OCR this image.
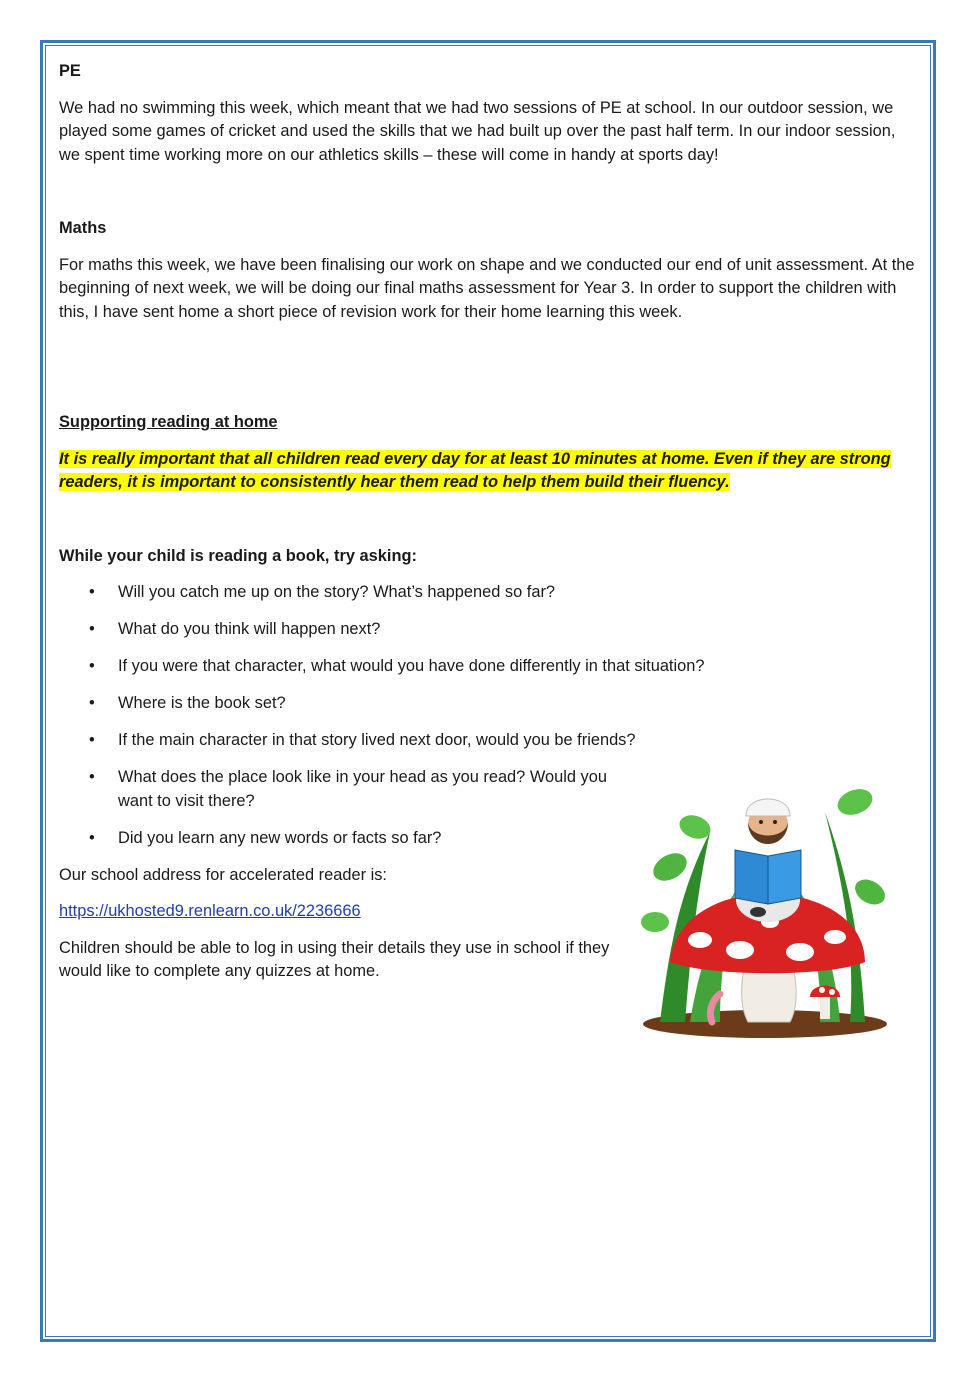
PE

We had no swimming this week, which meant that we had two sessions of PE at school. In our outdoor session, we played some games of cricket and used the skills that we had built up over the past half term. In our indoor session, we spent time working more on our athletics skills – these will come in handy at sports day!

Maths

For maths this week, we have been finalising our work on shape and we conducted our end of unit assessment. At the beginning of next week, we will be doing our final maths assessment for Year 3. In order to support the children with this, I have sent home a short piece of revision work for their home learning this week.

Supporting reading at home

It is really important that all children read every day for at least 10 minutes at home. Even if they are strong readers, it is important to consistently hear them read to help them build their fluency.

While your child is reading a book, try asking:
• Will you catch me up on the story? What’s happened so far?
• What do you think will happen next?
• If you were that character, what would you have done differently in that situation?
• Where is the book set?
• If the main character in that story lived next door, would you be friends?
• What does the place look like in your head as you read? Would you want to visit there?
• Did you learn any new words or facts so far?

Our school address for accelerated reader is:

https://ukhosted9.renlearn.co.uk/2236666

Children should be able to log in using their details they use in school if they would like to complete any quizzes at home.
